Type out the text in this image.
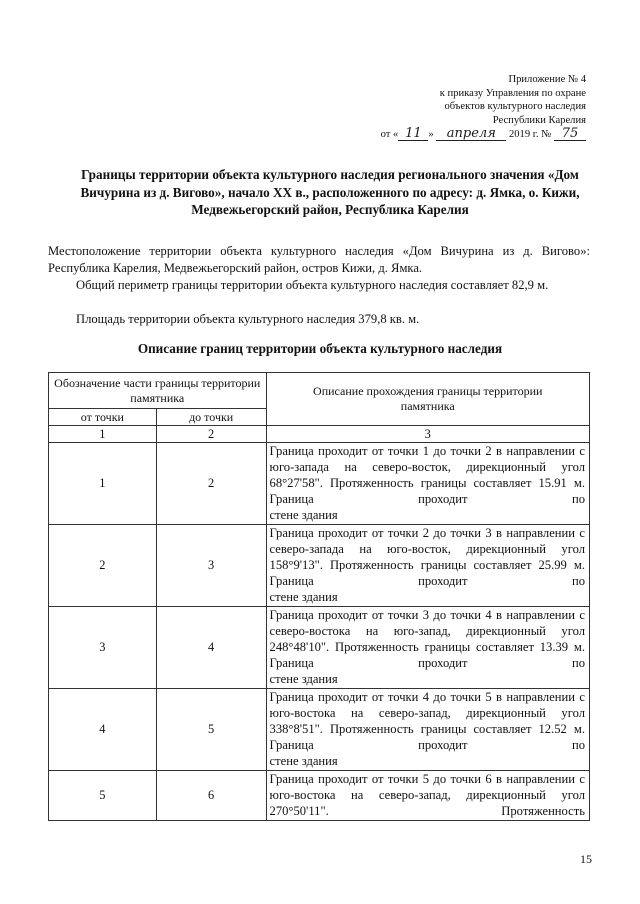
Приложение № 4
к приказу Управления по охране
объектов культурного наследия
Республики Карелия
от « 11 » апреля 2019 г. № 75
Границы территории объекта культурного наследия регионального значения «Дом Вичурина из д. Вигово», начало XX в., расположенного по адресу: д. Ямка, о. Кижи, Медвежьегорский район, Республика Карелия
Местоположение территории объекта культурного наследия «Дом Вичурина из д. Вигово»: Республика Карелия, Медвежьегорский район, остров Кижи, д. Ямка.
Общий периметр границы территории объекта культурного наследия составляет 82,9 м.
Площадь территории объекта культурного наследия 379,8 кв. м.
Описание границ территории объекта культурного наследия
Обозначение части границы территории памятника		Описание прохождения границы территории памятника
от точки	до точки	
1	2	3
1	2	Граница проходит от точки 1 до точки 2 в направлении с юго-запада на северо-восток, дирекционный угол 68°27'58". Протяженность границы составляет 15.91 м. Граница проходит по
стене здания

2	3	Граница проходит от точки 2 до точки 3 в направлении с северо-запада на юго-восток, дирекционный угол 158°9'13". Протяженность границы составляет 25.99 м. Граница проходит по
стене здания

3	4	Граница проходит от точки 3 до точки 4 в направлении с северо-востока на юго-запад, дирекционный угол 248°48'10". Протяженность границы составляет 13.39 м. Граница проходит по
стене здания

4	5	Граница проходит от точки 4 до точки 5 в направлении с юго-востока на северо-запад, дирекционный угол 338°8'51". Протяженность границы составляет 12.52 м. Граница проходит по
стене здания

5	6	Граница проходит от точки 5 до точки 6 в направлении с юго-востока на северо-запад, дирекционный угол 270°50'11". Протяженность
15
